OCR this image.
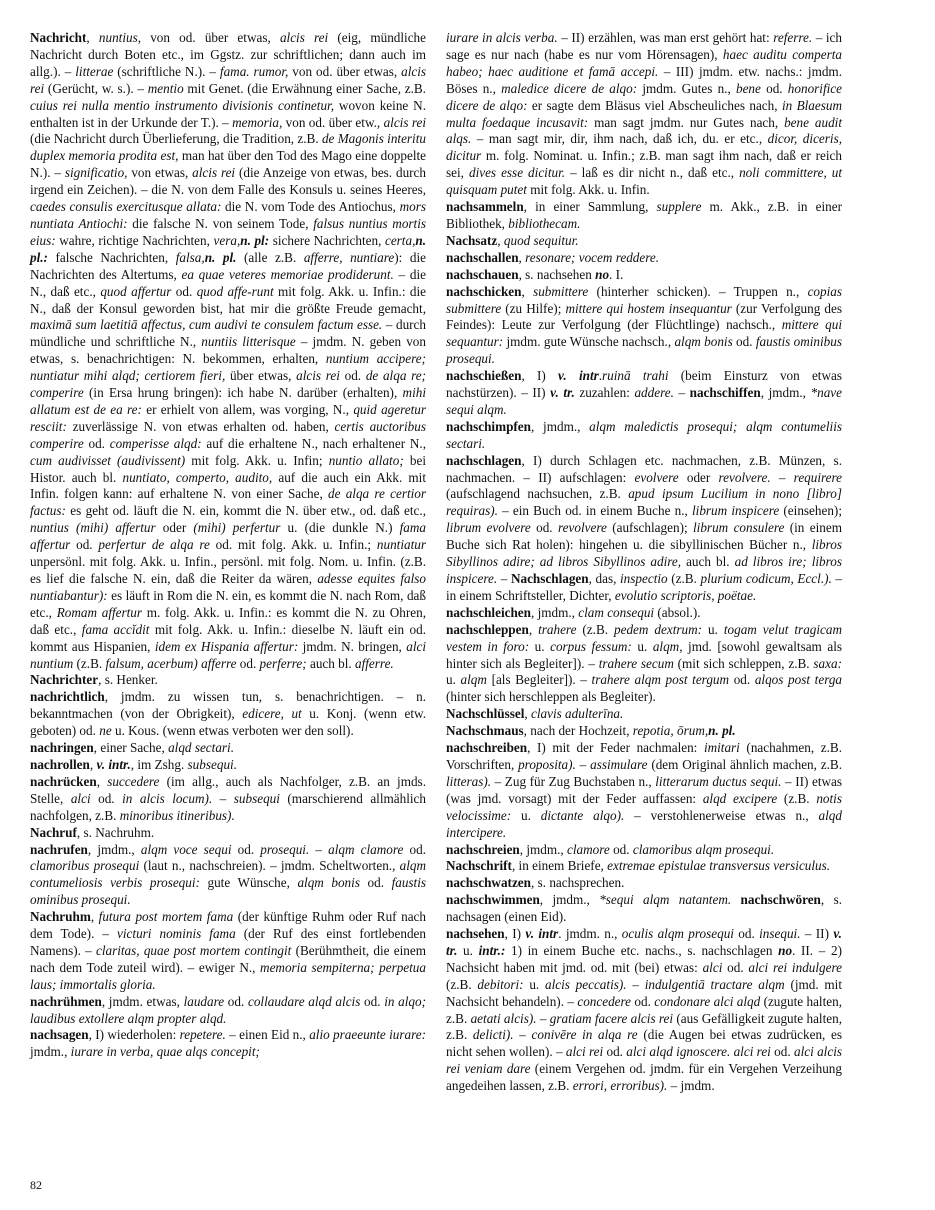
Nachricht, nuntius, von od. über etwas, alcis rei (eig, mündliche Nachricht durch Boten etc., im Ggstz. zur schriftlichen; dann auch im allg.). – litterae (schriftliche N.). – fama. rumor, von od. über etwas, alcis rei (Gerücht, w. s.). – mentio mit Genet. (die Erwähnung einer Sache, z.B. cuius rei nulla mentio instrumento divisionis continetur, wovon keine N. enthalten ist in der Urkunde der T.). – memoria, von od. über etw., alcis rei (die Nachricht durch Überlieferung, die Tradition, z.B. de Magonis interitu duplex memoria prodita est, man hat über den Tod des Mago eine doppelte N.). – significatio, von etwas, alcis rei (die Anzeige von etwas, bes. durch irgend ein Zeichen). – die N. von dem Falle des Konsuls u. seines Heeres, caedes consulis exercitusque allata: die N. vom Tode des Antiochus, mors nuntiata Antiochi: die falsche N. von seinem Tode, falsus nuntius mortis eius: wahre, richtige Nachrichten, vera,n. pl: sichere Nachrichten, certa,n. pl.: falsche Nachrichten, falsa,n. pl. (alle z.B. afferre, nuntiare): die Nachrichten des Altertums, ea quae veteres memoriae prodiderunt. – die N., daß etc., quod affertur od. quod affe-runt mit folg. Akk. u. Infin.: die N., daß der Konsul geworden bist, hat mir die größte Freude gemacht, maximā sum laetitiā affectus, cum audivi te consulem factum esse. – durch mündliche und schriftliche N., nuntiis litterisque – jmdm. N. geben von etwas, s. benachrichtigen: N. bekommen, erhalten, nuntium accipere; nuntiatur mihi alqd; certiorem fieri, über etwas, alcis rei od. de alqa re; comperire (in Ersa hrung bringen): ich habe N. darüber (erhalten), mihi allatum est de ea re: er erhielt von allem, was vorging, N., quid ageretur resciit: zuverlässige N. von etwas erhalten od. haben, certis auctoribus comperire od. comperisse alqd: auf die erhaltene N., nach erhaltener N., cum audivisset (audivissent) mit folg. Akk. u. Infin; nuntio allato; bei Histor. auch bl. nuntiato, comperto, audito, auf die auch ein Akk. mit Infin. folgen kann: auf erhaltene N. von einer Sache, de alqa re certior factus: es geht od. läuft die N. ein, kommt die N. über etw., od. daß etc., nuntius (mihi) affertur oder (mihi) perfertur u. (die dunkle N.) fama affertur od. perfertur de alqa re od. mit folg. Akk. u. Infin.; nuntiatur unpersönl. mit folg. Akk. u. Infin., persönl. mit folg. Nom. u. Infin. (z.B. es lief die falsche N. ein, daß die Reiter da wären, adesse equites falso nuntiabantur): es läuft in Rom die N. ein, es kommt die N. nach Rom, daß etc., Romam affertur m. folg. Akk. u. Infin.: es kommt die N. zu Ohren, daß etc., fama accĭdit mit folg. Akk. u. Infin.: dieselbe N. läuft ein od. kommt aus Hispanien, idem ex Hispania affertur: jmdm. N. bringen, alci nuntium (z.B. falsum, acerbum) afferre od. perferre; auch bl. afferre.

Nachrichter, s. Henker.

nachrichtlich, jmdm. zu wissen tun, s. benachrichtigen. – n. bekanntmachen (von der Obrigkeit), edicere, ut u. Konj. (wenn etw. geboten) od. ne u. Kous. (wenn etwas verboten wer den soll).

nachringen, einer Sache, alqd sectari.

nachrollen, v. intr., im Zshg. subsequi.

nachrücken, succedere (im allg., auch als Nachfolger, z.B. an jmds. Stelle, alci od. in alcis locum). – subsequi (marschierend allmählich nachfolgen, z.B. minoribus itineribus).

Nachruf, s. Nachruhm.

nachrufen, jmdm., alqm voce sequi od. prosequi. – alqm clamore od. clamoribus prosequi (laut n., nachschreien). – jmdm. Scheltworten., alqm contumeliosis verbis prosequi: gute Wünsche, alqm bonis od. faustis ominibus prosequi.

Nachruhm, futura post mortem fama (der künftige Ruhm oder Ruf nach dem Tode). – victuri nominis fama (der Ruf des einst fortlebenden Namens). – claritas, quae post mortem contingit (Berühmtheit, die einem nach dem Tode zuteil wird). – ewiger N., memoria sempiterna; perpetua laus; immortalis gloria.

nachrühmen, jmdm. etwas, laudare od. collaudare alqd alcis od. in alqo; laudibus extollere alqm propter alqd.

nachsagen, I) wiederholen: repetere. – einen Eid n., alio praeeunte iurare: jmdm., iurare in verba, quae alqs concepit;

iurare in alcis verba. – II) erzählen, was man erst gehört hat: referre. – ich sage es nur nach (habe es nur vom Hörensagen), haec auditu comperta habeo; haec auditione et famā accepi. – III) jmdm. etw. nachs.: jmdm. Böses n., maledice dicere de alqo: jmdm. Gutes n., bene od. honorifice dicere de alqo: er sagte dem Bläsus viel Abscheuliches nach, in Blaesum multa foedaque incusavit: man sagt jmdm. nur Gutes nach, bene audit alqs. – man sagt mir, dir, ihm nach, daß ich, du. er etc., dicor, diceris, dicitur m. folg. Nominat. u. Infin.; z.B. man sagt ihm nach, daß er reich sei, dives esse dicitur. – laß es dir nicht n., daß etc., noli committere, ut quisquam putet mit folg. Akk. u. Infin.

nachsammeln, in einer Sammlung, supplere m. Akk., z.B. in einer Bibliothek, bibliothecam.

Nachsatz, quod sequitur.

nachschallen, resonare; vocem reddere.

nachschauen, s. nachsehen no. I.

nachschicken, submittere (hinterher schicken). – Truppen n., copias submittere (zu Hilfe); mittere qui hostem insequantur (zur Verfolgung des Feindes): Leute zur Verfolgung (der Flüchtlinge) nachsch., mittere qui sequantur: jmdm. gute Wünsche nachsch., alqm bonis od. faustis ominibus prosequi.

nachschießen, I) v. intr.ruinā trahi (beim Einsturz von etwas nachstürzen). – II) v. tr. zuzahlen: addere. – nachschiffen, jmdm., *navе sequi alqm.

nachschimpfen, jmdm., alqm maledictis prosequi; alqm contumeliis sectari.

nachschlagen, I) durch Schlagen etc. nachmachen, z.B. Münzen, s. nachmachen. – II) aufschlagen: evolvere oder revolvere. – requirere (aufschlagend nachsuchen, z.B. apud ipsum Lucilium in nono [libro] requiras). – ein Buch od. in einem Buche n., librum inspicere (einsehen); librum evolvere od. revolvere (aufschlagen); librum consulere (in einem Buche sich Rat holen): hingehen u. die sibyllinischen Bücher n., libros Sibyllinos adire; ad libros Sibyllinos adire, auch bl. ad libros ire; libros inspicere. – Nachschlagen, das, inspectio (z.B. plurium codicum, Eccl.). – in einem Schriftsteller, Dichter, evolutio scriptoris, poëtae.

nachschleichen, jmdm., clam consequi (absol.).

nachschleppen, trahere (z.B. pedem dextrum: u. togam velut tragicam vestem in foro: u. corpus fessum: u. alqm, jmd. [sowohl gewaltsam als hinter sich als Begleiter]). – trahere secum (mit sich schleppen, z.B. saxa: u. alqm [als Begleiter]). – trahere alqm post tergum od. alqos post terga (hinter sich herschleppen als Begleiter).

Nachschlüssel, clavis adulterīna.

Nachschmaus, nach der Hochzeit, repotia, ōrum,n. pl.

nachschreiben, I) mit der Feder nachmalen: imitari (nachahmen, z.B. Vorschriften, proposita). – assimulare (dem Original ähnlich machen, z.B. litteras). – Zug für Zug Buchstaben n., litterarum ductus sequi. – II) etwas (was jmd. vorsagt) mit der Feder auffassen: alqd excipere (z.B. notis velocissime: u. dictante alqo). – verstohlenerweise etwas n., alqd intercipere.

nachschreien, jmdm., clamore od. clamoribus alqm prosequi.

Nachschrift, in einem Briefe, extremae epistulae transversus versiculus.

nachschwatzen, s. nachsprechen.

nachschwimmen, jmdm., *sequi alqm natantem. nachschwören, s. nachsagen (einen Eid).

nachsehen, I) v. intr. jmdm. n., oculis alqm prosequi od. insequi. – II) v. tr. u. intr.: 1) in einem Buche etc. nachs., s. nachschlagen no. II. – 2) Nachsicht haben mit jmd. od. mit (bei) etwas: alci od. alci rei indulgere (z.B. debitori: u. alcis peccatis). – indulgentiā tractare alqm (jmd. mit Nachsicht behandeln). – concedere od. condonare alci alqd (zugute halten, z.B. aetati alcis). – gratiam facere alcis rei (aus Gefälligkeit zugute halten, z.B. delicti). – conivēre in alqa re (die Augen bei etwas zudrücken, es nicht sehen wollen). – alci rei od. alci alqd ignoscere. alci rei od. alci alcis rei veniam dare (einem Vergehen od. jmdm. für ein Vergehen Verzeihung angedeihen lassen, z.B. errori, erroribus). – jmdm.

82
